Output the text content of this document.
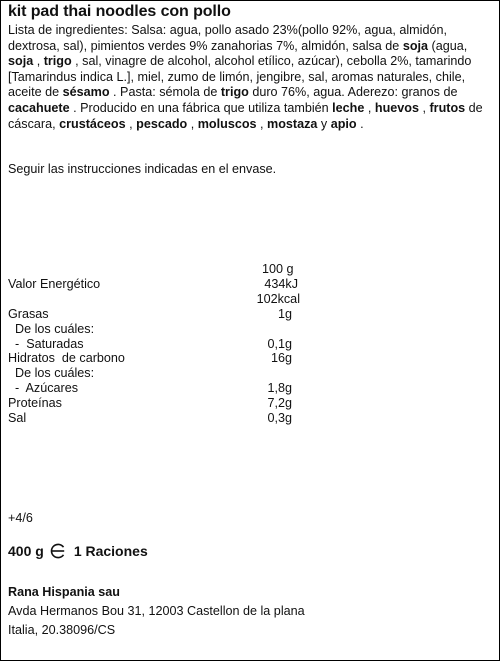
kit pad thai noodles con pollo
Lista de ingredientes: Salsa: agua, pollo asado 23%(pollo 92%, agua, almidón, dextrosa, sal), pimientos verdes 9% zanahorias 7%, almidón, salsa de soja (agua, soja , trigo , sal, vinagre de alcohol, alcohol etílico, azúcar), cebolla 2%, tamarindo [Tamarindus indica L.], miel, zumo de limón, jengibre, sal, aromas naturales, chile, aceite de sésamo . Pasta: sémola de trigo duro 76%, agua. Aderezo: granos de cacahuete . Producido en una fábrica que utiliza también leche , huevos , frutos de cáscara, crustáceos , pescado , moluscos , mostaza y apio .
Seguir las instrucciones indicadas en el envase.
100 g
Valor Energético	434kJ
102kcal
Grasas	1g
De los cuáles:
-  Saturadas	0,1g
Hidratos  de carbono	16g
De los cuáles:
-  Azúcares	1,8g
Proteínas	7,2g
Sal	0,3g
+4/6
400 g 1 Raciones
Rana Hispania sau
Avda Hermanos Bou 31, 12003 Castellon de la plana
Italia, 20.38096/CS
